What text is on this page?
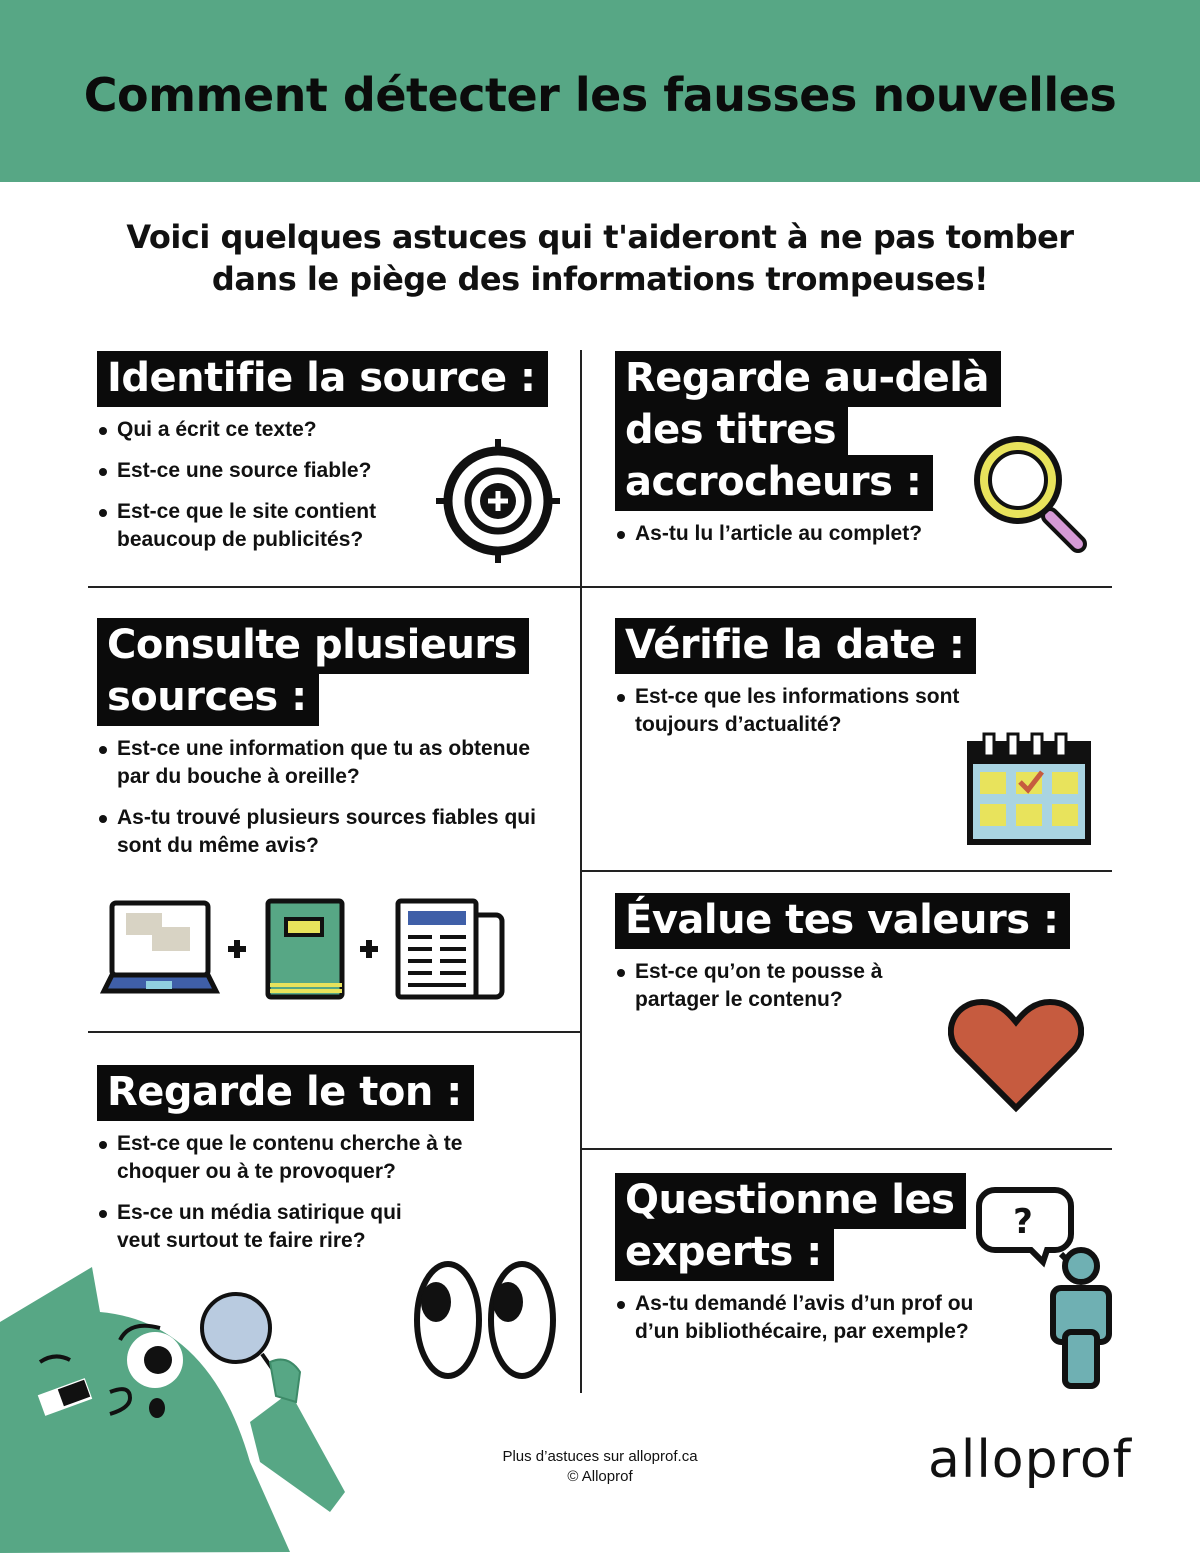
Comment détecter les fausses nouvelles
Voici quelques astuces qui t'aideront à ne pas tomber
dans le piège des informations trompeuses!
Identifie la source :
Qui a écrit ce texte?
Est-ce une source fiable?
Est-ce que le site contient beaucoup de publicités?
Regarde au-delà
des titres
accrocheurs :
As-tu lu l’article au complet?
Consulte plusieurs
sources :
Est-ce une information que tu as obtenue par du bouche à oreille?
As-tu trouvé plusieurs sources fiables qui sont du même avis?
Vérifie la date :
Est-ce que les informations sont toujours d’actualité?
Évalue tes valeurs :
Est-ce qu’on te pousse à partager le contenu?
Regarde le ton :
Est-ce que le contenu cherche à te choquer ou à te provoquer?
Es-ce un média satirique qui veut surtout te faire rire?
Questionne les
experts :
As-tu demandé l’avis d’un prof ou d’un bibliothécaire, par exemple?
?
Plus d’astuces sur alloprof.ca
© Alloprof	alloprof
